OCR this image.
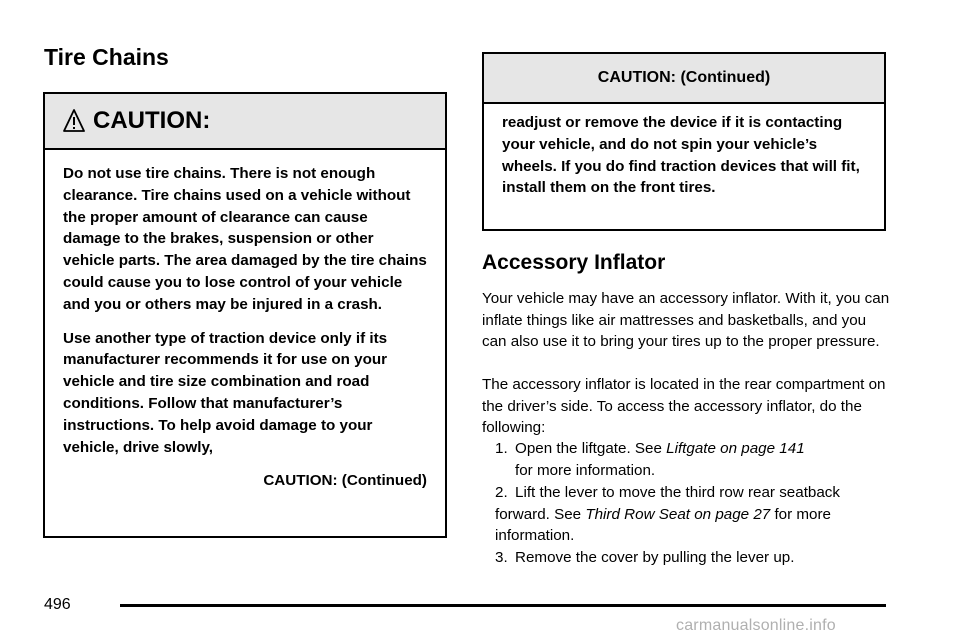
Tire Chains
CAUTION:

Do not use tire chains. There is not enough clearance. Tire chains used on a vehicle without the proper amount of clearance can cause damage to the brakes, suspension or other vehicle parts. The area damaged by the tire chains could cause you to lose control of your vehicle and you or others may be injured in a crash.

Use another type of traction device only if its manufacturer recommends it for use on your vehicle and tire size combination and road conditions. Follow that manufacturer’s instructions. To help avoid damage to your vehicle, drive slowly,

CAUTION: (Continued)

CAUTION: (Continued)

readjust or remove the device if it is contacting your vehicle, and do not spin your vehicle’s wheels. If you do find traction devices that will fit, install them on the front tires.

Accessory Inflator

Your vehicle may have an accessory inflator. With it, you can inflate things like air mattresses and basketballs, and you can also use it to bring your tires up to the proper pressure.

The accessory inflator is located in the rear compartment on the driver’s side. To access the accessory inflator, do the following:

1. Open the liftgate. See Liftgate on page 141
for more information.
2. Lift the lever to move the third row rear seatback forward. See Third Row Seat on page 27 for more information.
3. Remove the cover by pulling the lever up.
496
carmanualsonline.info
